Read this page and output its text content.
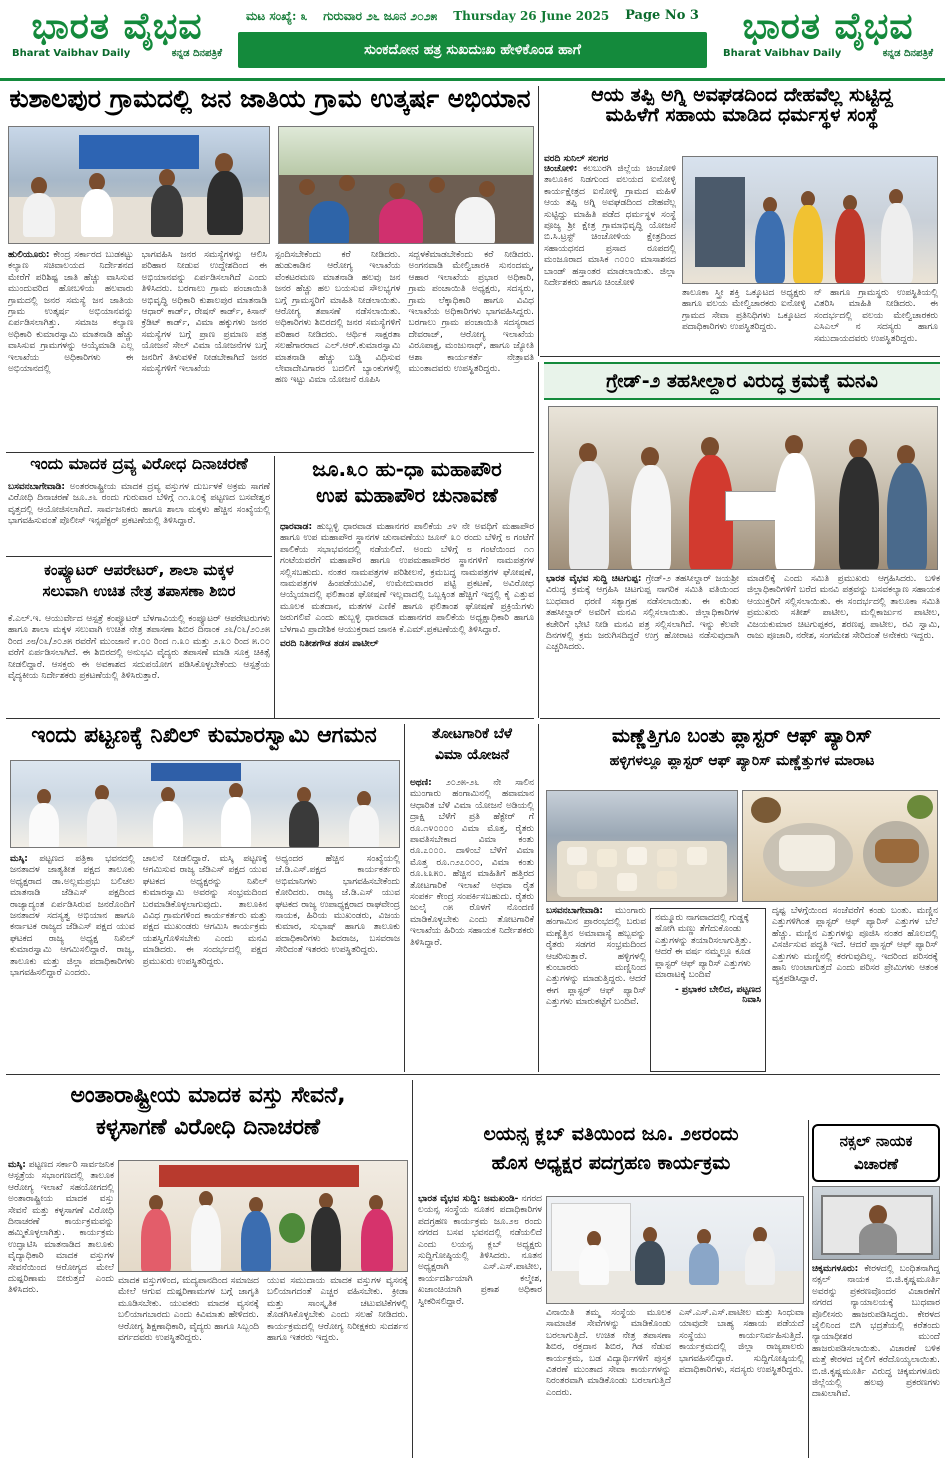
ಭಾರತ ವೈಭವ
Bharat Vaibhav Daily	ಕನ್ನಡ ದಿನಪತ್ರಿಕೆ
ಮಟ ಸಂಖ್ಯೆ: ೩ ಗುರುವಾರ ೨೬ ಜೂನ ೨೦೨೫ Thursday 26 June 2025 Page No 3
ಸುಂಕದೋನ ಹತ್ರ ಸುಖದುಃಖ ಹೇಳಿಕೊಂಡ ಹಾಗೆ
ಭಾರತ ವೈಭವ
Bharat Vaibhav Daily	ಕನ್ನಡ ದಿನಪತ್ರಿಕೆ
ಕುಶಾಲಪುರ ಗ್ರಾಮದಲ್ಲಿ ಜನ ಜಾತಿಯ ಗ್ರಾಮ ಉತ್ಕರ್ಷ ಅಭಿಯಾನ
ಹುಲಿಯೂರು: ಕೇಂದ್ರ ಸರ್ಕಾರದ ಬುಡಕಟ್ಟು ಕಲ್ಯಾಣ ಸಚಿವಾಲಯದ ನಿರ್ದೇಶನದ ಮೇರೆಗೆ ಪರಿಶಿಷ್ಟ ಜಾತಿ ಹೆಚ್ಚು ವಾಸಿಸುವ ಮುಂದುವರಿದ ಹೋಬಳಿಯ ಹಲವಾರು ಗ್ರಾಮದಲ್ಲಿ ಜನರ ಸಮಸ್ಯೆ ಜನ ಜಾತಿಯ ಗ್ರಾಮ ಉತ್ಕರ್ಷ ಅಭಿಯಾನವನ್ನು ಏರ್ಪಡಿಸಲಾಗಿತ್ತು. ಸಮಾಜ ಕಲ್ಯಾಣ ಅಧಿಕಾರಿ ಕುಮಾರಸ್ವಾಮಿ ಮಾತನಾಡಿ ಹೆಚ್ಚು ವಾಸಿಸುವ ಗ್ರಾಮಗಳನ್ನು ಆಯ್ಕೆಮಾಡಿ ಎಲ್ಲ ಇಲಾಖೆಯ ಅಧಿಕಾರಿಗಳು ಈ ಅಭಿಯಾನದಲ್ಲಿ
ಭಾಗವಹಿಸಿ ಜನರ ಸಮಸ್ಯೆಗಳನ್ನು ಆಲಿಸಿ ಪರಿಹಾರ ನೀಡುವ ಉದ್ದೇಶದಿಂದ ಈ ಅಭಿಯಾನವನ್ನು ಏರ್ಪಡಿಸಲಾಗಿದೆ ಎಂದು ತಿಳಿಸಿದರು. ಬರಗಾಲು ಗ್ರಾಮ ಪಂಚಾಯಿತಿ ಅಭಿವೃದ್ಧಿ ಅಧಿಕಾರಿ ಕುಶಾಲಪುರ ಮಾತನಾಡಿ ಆಧಾರ್ ಕಾರ್ಡ್, ರೇಷನ್ ಕಾರ್ಡ್, ಕಿಸಾನ್ ಕ್ರೆಡಿಟ್ ಕಾರ್ಡ್, ವಿಮಾ ಹಕ್ಕುಗಳು ಜನರ ಸಮಸ್ಯೆಗಳ ಬಗ್ಗೆ ಪ್ರಾಣ ಪ್ರಮಾಣ ಪತ್ರ ಯೋಜನೆ ಸೇಲ್ ವಿಮಾ ಯೋಜನೆಗಳ ಬಗ್ಗೆ ಜನರಿಗೆ ತಿಳುವಳಿಕೆ ನೀಡಬೇಕಾಗಿದೆ ಜನರ ಸಮಸ್ಯೆಗಳಿಗೆ ಇಲಾಖೆಯ
ಸ್ಪಂದಿಸಬೇಕೆಂದು ಕರೆ ನೀಡಿದರು. ಹುಡುಕಾಡಿನ ಆರೋಗ್ಯ ಇಲಾಖೆಯ ವೆಂಕಟರಮಣ ಮಾತನಾಡಿ ಹಲವು ಜನ ಜನರ ಹೆಚ್ಚು ಹಲ ಬಯಸುವ ಸೌಲಭ್ಯಗಳ ಬಗ್ಗೆ ಗ್ರಾಮಸ್ಥರಿಗೆ ಮಾಹಿತಿ ನೀಡಲಾಯಿತು. ಆರೋಗ್ಯ ತಪಾಸಣೆ ನಡೆಸಲಾಯಿತು. ಅಧಿಕಾರಿಗಳು ಶಿಬಿರದಲ್ಲಿ ಜನರ ಸಮಸ್ಯೆಗಳಿಗೆ ಪರಿಹಾರ ನೀಡಿದರು. ಆರ್ಥಿಕ ಸಾಕ್ಷರತಾ ಸಲಹೆಗಾರರಾದ ಎಲ್.ಆರ್.ಕುಮಾರಸ್ವಾಮಿ ಮಾತನಾಡಿ ಹೆಚ್ಚು ಬಡ್ಡಿ ವಿಧಿಸುವ ಲೇವಾದೇವಿಗಾರರ ಬದಲಿಗೆ ಬ್ಯಾಂಕುಗಳಲ್ಲಿ ಹಣ ಇಟ್ಟು ವಿಮಾ ಯೋಜನೆ ರೂಪಿಸಿ
ಸದ್ಬಳಕೆಮಾಡಬೇಕೆಂದು ಕರೆ ನೀಡಿದರು. ಅಂಗನವಾಡಿ ಮೇಲ್ವಿಚಾರಕಿ ಸುನಂದಮ್ಮ, ಆಹಾರ ಇಲಾಖೆಯ ಪ್ರಭಾರ ಅಧಿಕಾರಿ, ಗ್ರಾಮ ಪಂಚಾಯಿತಿ ಅಧ್ಯಕ್ಷರು, ಸದಸ್ಯರು, ಗ್ರಾಮ ಲೆಕ್ಕಾಧಿಕಾರಿ ಹಾಗೂ ವಿವಿಧ ಇಲಾಖೆಯ ಅಧಿಕಾರಿಗಳು ಭಾಗವಹಿಸಿದ್ದರು. ಬರಗಾಲು ಗ್ರಾಮ ಪಂಚಾಯಿತಿ ಸದಸ್ಯರಾದ ದೇವರಾಜ್, ಆರೋಗ್ಯ ಇಲಾಖೆಯ ವಿರೂಪಾಕ್ಷ, ಮಂಜುನಾಥ್, ಹಾಗೂ ಜ್ಯೋತಿ ಆಶಾ ಕಾರ್ಯಕರ್ತೆ ನೇತ್ರಾವತಿ ಮುಂತಾದವರು ಉಪಸ್ಥಿತರಿದ್ದರು.
ಆಯ ತಪ್ಪಿ ಅಗ್ನಿ ಅವಘಡದಿಂದ ದೇಹವೆಲ್ಲ ಸುಟ್ಟಿದ್ದ
ಮಹಿಳೆಗೆ ಸಹಾಯ ಮಾಡಿದ ಧರ್ಮಸ್ಥಳ ಸಂಸ್ಥೆ
ವರದಿ ಸುನಿಲ್ ಸಲಗರ
ಚಿಂಚೋಳಿ: ಕಲಬುರಗಿ ಜಿಲ್ಲೆಯ ಚಿಂಚೋಳಿ ತಾಲೂಕಿನ ನಿಡಗುಂದ ವಲಯದ ಐನೋಳ್ಳಿ ಕಾರ್ಯಕ್ಷೇತ್ರದ ಐನೋಳ್ಳಿ ಗ್ರಾಮದ ಮಹಿಳೆ ಆಯ ತಪ್ಪಿ ಅಗ್ನಿ ಅವಘಡದಿಂದ ದೇಹವೆಲ್ಲ ಸುಟ್ಟಿದ್ದು ಮಾಹಿತಿ ಪಡೆದ ಧರ್ಮಸ್ಥಳ ಸಂಸ್ಥೆ ಪೂಜ್ಯ ಶ್ರೀ ಕ್ಷೇತ್ರ ಗ್ರಾಮಾಭಿವೃದ್ಧಿ ಯೋಜನೆ ಬಿ.ಸಿ.ಟ್ರಸ್ಟ್ ಚಿಂಚೋಳಿಯ ಕ್ಷೇತ್ರದಿಂದ ಸಹಾಯಧನದ ಪ್ರಸಾದ ರೂಪದಲ್ಲಿ ಮಂಜೂರಾದ ಮಾಸಿಕ ೧೦೦೦ ಮಾಸಾಶನದ ಬಾಂಡ್ ಹಸ್ತಾಂತರ ಮಾಡಲಾಯಿತು. ಜಿಲ್ಲಾ ನಿರ್ದೇಶಕರು ಹಾಗೂ ಚಿಂಚೋಳಿ
ತಾಲೂಕಾ ಸ್ತ್ರೀ ಶಕ್ತಿ ಒಕ್ಕೂಟದ ಅಧ್ಯಕ್ಷರು ಹಾಗೂ ವಲಯ ಮೇಲ್ವಿಚಾರಕರು ಐನೋಳ್ಳಿ ಗ್ರಾಮದ ಸೇವಾ ಪ್ರತಿನಿಧಿಗಳು ಒಕ್ಕೂಟದ ಪದಾಧಿಕಾರಿಗಳು ಉಪಸ್ಥಿತರಿದ್ದರು.
ನ್ ಹಾಗೂ ಗ್ರಾಮಸ್ಥರು ಉಪಸ್ಥಿತಿಯಲ್ಲಿ ವಿತರಿಸಿ ಮಾಹಿತಿ ನೀಡಿದರು. ಈ ಸಂದರ್ಭದಲ್ಲಿ ವಲಯ ಮೇಲ್ವಿಚಾರಕರು ಎಸಿಎಲ್ ನ ಸದಸ್ಯರು ಹಾಗೂ ಸಮುದಾಯದವರು ಉಪಸ್ಥಿತರಿದ್ದರು.
ಇಂದು ಮಾದಕ ದ್ರವ್ಯ ವಿರೋಧ ದಿನಾಚರಣೆ
ಬಸವನಬಾಗೇವಾಡಿ: ಅಂತರರಾಷ್ಟ್ರೀಯ ಮಾದಕ ದ್ರವ್ಯ ವಸ್ತುಗಳ ದುರ್ಬಳಕೆ ಅಕ್ರಮ ಸಾಗಣೆ ವಿರೋಧಿ ದಿನಾಚರಣೆ ಜೂ.೨೬ ರಂದು ಗುರುವಾರ ಬೆಳಿಗ್ಗೆ ೧೧.೩೦ಕ್ಕೆ ಪಟ್ಟಣದ ಬಸವೇಶ್ವರ ವೃತ್ತದಲ್ಲಿ ಆಯೋಜಿಸಲಾಗಿದೆ. ಸಾರ್ವಜನಿಕರು ಹಾಗೂ ಶಾಲಾ ಮಕ್ಕಳು ಹೆಚ್ಚಿನ ಸಂಖ್ಯೆಯಲ್ಲಿ ಭಾಗವಹಿಸುವಂತೆ ಪೊಲೀಸ್ ಇನ್ಸಪೆಕ್ಟರ್ ಪ್ರಕಟಣೆಯಲ್ಲಿ ತಿಳಿಸಿದ್ದಾರೆ.
ಜೂ.೩೦ ಹು-ಧಾ ಮಹಾಪೌರ
ಉಪ ಮಹಾಪೌರ ಚುನಾವಣೆ
ಧಾರವಾಡ: ಹುಬ್ಬಳ್ಳಿ ಧಾರವಾಡ ಮಹಾನಗರ ಪಾಲಿಕೆಯ ೨೪ ನೇ ಅವಧಿಗೆ ಮಹಾಪೌರ ಹಾಗೂ ಉಪ ಮಹಾಪೌರ ಸ್ಥಾನಗಳ ಚುನಾವಣೆಯು ಜೂನ್ ೩೦ ರಂದು ಬೆಳಿಗ್ಗೆ ೮ ಗಂಟೆಗೆ ಪಾಲಿಕೆಯ ಸಭಾಭವನದಲ್ಲಿ ನಡೆಯಲಿದೆ. ಅಂದು ಬೆಳಿಗ್ಗೆ ೮ ಗಂಟೆಯಿಂದ ೧೧ ಗಂಟೆಯವರೆಗೆ ಮಹಾಪೌರ ಹಾಗೂ ಉಪಮಹಾಪೌರರ ಸ್ಥಾನಗಳಿಗೆ ನಾಮಪತ್ರಗಳ ಸಲ್ಲಿಸಬಹುದು. ನಂತರ ನಾಮಪತ್ರಗಳ ಪರಿಶೀಲನೆ, ಕ್ರಮಬದ್ಧ ನಾಮಪತ್ರಗಳ ಘೋಷಣೆ, ನಾಮಪತ್ರಗಳ ಹಿಂಪಡೆಯುವಿಕೆ, ಉಮೇದುವಾರರ ಪಟ್ಟಿ ಪ್ರಕಟಣೆ, ಅವಿರೋಧ ಆಯ್ಕೆಯಾದಲ್ಲಿ ಫಲಿತಾಂಶ ಘೋಷಣೆ ಇಲ್ಲವಾದಲ್ಲಿ ಒಬ್ಬಕ್ಕಿಂತ ಹೆಚ್ಚಿಗೆ ಇದ್ದಲ್ಲಿ ಕೈ ಎತ್ತುವ ಮೂಲಕ ಮತದಾನ, ಮತಗಳ ಎಣಿಕೆ ಹಾಗೂ ಫಲಿತಾಂಶ ಘೋಷಣೆ ಪ್ರಕ್ರಿಯೆಗಳು ಜರುಗಲಿವೆ ಎಂದು ಹುಬ್ಬಳ್ಳಿ ಧಾರವಾಡ ಮಹಾನಗರ ಪಾಲಿಕೆಯ ಅಧ್ಯಕ್ಷಾಧಿಕಾರಿ ಹಾಗೂ ಬೆಳಗಾವಿ ಪ್ರಾದೇಶಿಕ ಆಯುಕ್ತರಾದ ಜಾನಕಿ ಕೆ.ಎಮ್.ಪ್ರಕಟಣೆಯಲ್ಲಿ ತಿಳಿಸಿದ್ದಾರೆ.
ವರದಿ ನಿತೀಶಗೌಡ ತಡಸ ಪಾಟೀಲ್
ಕಂಪ್ಯೂಟರ್ ಆಪರೇಟರ್, ಶಾಲಾ ಮಕ್ಕಳ
ಸಲುವಾಗಿ ಉಚಿತ ನೇತ್ರ ತಪಾಸಣಾ ಶಿಬಿರ
ಕೆ.ಎಲ್.ಇ. ಆಯುರ್ವೇದ ಆಸ್ಪತ್ರೆ ಕಂಪ್ಯೂಟರ್ ಬೆಳಗಾವಿಯಲ್ಲಿ ಕಂಪ್ಯೂಟರ್ ಆಪರೇಟರುಗಳು ಹಾಗೂ ಶಾಲಾ ಮಕ್ಕಳ ಸಲುವಾಗಿ ಉಚಿತ ನೇತ್ರ ತಪಾಸಣಾ ಶಿಬಿರ ದಿನಾಂಕ ೨೬/೦೬/೨೦೨೫ ರಿಂದ ೨೮/೦೬/೨೦೨೫ ರವರೆಗೆ ಮುಂಜಾನೆ ೯.೦೦ ರಿಂದ ೧.೩೦ ಮತ್ತು ೨.೩೦ ರಿಂದ ೫.೦೦ ವರೆಗೆ ಏರ್ಪಡಿಸಲಾಗಿದೆ. ಈ ಶಿಬಿರದಲ್ಲಿ ಅನುಭವಿ ವೈದ್ಯರು ತಪಾಸಣೆ ಮಾಡಿ ಸೂಕ್ತ ಚಿಕಿತ್ಸೆ ನೀಡಲಿದ್ದಾರೆ. ಆಸಕ್ತರು ಈ ಅವಕಾಶದ ಸದುಪಯೋಗ ಪಡಿಸಿಕೊಳ್ಳಬೇಕೆಂದು ಆಸ್ಪತ್ರೆಯ ವೈದ್ಯಕೀಯ ನಿರ್ದೇಶಕರು ಪ್ರಕಟಣೆಯಲ್ಲಿ ತಿಳಿಸಿರುತ್ತಾರೆ.
ಗ್ರೇಡ್-೨ ತಹಸೀಲ್ದಾರ ವಿರುದ್ಧ ಕ್ರಮಕ್ಕೆ ಮನವಿ
ಭಾರತ ವೈಭವ ಸುದ್ದಿ ಚಿಟಗುಪ್ಪ: ಗ್ರೇಡ್-೨ ತಹಸೀಲ್ದಾರ್ ಜಯಶ್ರೀ ವಿರುದ್ಧ ಕ್ರಮಕ್ಕೆ ಆಗ್ರಹಿಸಿ ಚಿಟಗುಪ್ಪ ನಾಗರಿಕ ಸಮಿತಿ ವತಿಯಿಂದ ಬುಧವಾರ ಧರಣಿ ಸತ್ಯಾಗ್ರಹ ನಡೆಸಲಾಯಿತು. ಈ ಕುರಿತು ತಹಸೀಲ್ದಾರ್ ಅವರಿಗೆ ಮನವಿ ಸಲ್ಲಿಸಲಾಯಿತು. ಜಿಲ್ಲಾಧಿಕಾರಿಗಳ ಕಚೇರಿಗೆ ಭೇಟಿ ನೀಡಿ ಮನವಿ ಪತ್ರ ಸಲ್ಲಿಸಲಾಗಿದೆ. ಇನ್ನು ಕೆಲವೇ ದಿನಗಳಲ್ಲಿ ಕ್ರಮ ಜರುಗಿಸದಿದ್ದರೆ ಉಗ್ರ ಹೋರಾಟ ನಡೆಸುವುದಾಗಿ ಎಚ್ಚರಿಸಿದರು.
ಮಾಡಲಿಕ್ಕೆ ಎಂದು ಸಮಿತಿ ಪ್ರಮುಖರು ಆಗ್ರಹಿಸಿದರು. ಬಳಿಕ ಜಿಲ್ಲಾಧಿಕಾರಿಗಳಿಗೆ ಬರೆದ ಮನವಿ ಪತ್ರವನ್ನು ಬಸವಕಲ್ಯಾಣ ಸಹಾಯಕ ಆಯುಕ್ತರಿಗೆ ಸಲ್ಲಿಸಲಾಯಿತು. ಈ ಸಂದರ್ಭದಲ್ಲಿ ತಾಲೂಕಾ ಸಮಿತಿ ಪ್ರಮುಖರು ಸತೀಶ್ ಪಾಟೀಲ, ಮಲ್ಲಿಕಾರ್ಜುನ ಪಾಟೀಲ, ವಿಜಯಕುಮಾರ ಚಿಟಗುಪ್ಪಕರ, ಶರಣಪ್ಪ ಪಾಟೀಲ, ರವಿ ಸ್ವಾಮಿ, ರಾಜು ಪೂಜಾರಿ, ನರೇಶ, ಸಂಗಮೇಶ ಸೇರಿದಂತೆ ಅನೇಕರು ಇದ್ದರು.
ಇಂದು ಪಟ್ಟಣಕ್ಕೆ ನಿಖಿಲ್ ಕುಮಾರಸ್ವಾಮಿ ಆಗಮನ
ಮಸ್ಕಿ: ಪಟ್ಟಣದ ಪತ್ರಿಕಾ ಭವನದಲ್ಲಿ ಜನತಾದಳ ಜಾತ್ಯತೀತ ಪಕ್ಷದ ತಾಲೂಕು ಅಧ್ಯಕ್ಷರಾದ ಡಾ.ಅಲ್ಲಮಪ್ರಭು ಬಲಿಚಲ ಮಾತನಾಡಿ ಜೆಡಿಎಸ್ ಪಕ್ಷದಿಂದ ರಾಜ್ಯಾದ್ಯಂತ ಏರ್ಪಡಿಸಿರುವ ಜನರೊಂದಿಗೆ ಜನತಾದಳ ಸದಸ್ಯತ್ವ ಅಭಿಯಾನ ಹಾಗೂ ಕರ್ನಾಟಕ ರಾಜ್ಯದ ಜೆಡಿಎಸ್ ಪಕ್ಷದ ಯುವ ಘಟಕದ ರಾಜ್ಯ ಅಧ್ಯಕ್ಷ ನಿಖಿಲ್ ಕುಮಾರಸ್ವಾಮಿ ಆಗಮಿಸಲಿದ್ದಾರೆ. ರಾಜ್ಯ, ತಾಲೂಕು ಮತ್ತು ಜಿಲ್ಲಾ ಪದಾಧಿಕಾರಿಗಳು ಭಾಗವಹಿಸಲಿದ್ದಾರೆ ಎಂದರು.
ಚಾಲನೆ ನೀಡಲಿದ್ದಾರೆ. ಮಸ್ಕಿ ಪಟ್ಟಣಕ್ಕೆ ಆಗಮಿಸುವ ರಾಜ್ಯ ಜೆಡಿಎಸ್ ಪಕ್ಷದ ಯುವ ಘಟಕದ ಅಧ್ಯಕ್ಷರನ್ನು ನಿಖಿಲ್ ಕುಮಾರಸ್ವಾಮಿ ಅವರನ್ನು ಸಂಭ್ರಮದಿಂದ ಬರಮಾಡಿಕೊಳ್ಳಲಾಗುವುದು. ತಾಲೂಕಿನ ವಿವಿಧ ಗ್ರಾಮಗಳಿಂದ ಕಾರ್ಯಕರ್ತರು ಮತ್ತು ಪಕ್ಷದ ಮುಖಂಡರು ಆಗಮಿಸಿ ಕಾರ್ಯಕ್ರಮ ಯಶಸ್ವಿಗೊಳಿಸಬೇಕು ಎಂದು ಮನವಿ ಮಾಡಿದರು. ಈ ಸಂದರ್ಭದಲ್ಲಿ ಪಕ್ಷದ ಪ್ರಮುಖರು ಉಪಸ್ಥಿತರಿದ್ದರು.
ಅಧ್ಯಂದರ ಹೆಚ್ಚಿನ ಸಂಖ್ಯೆಯಲ್ಲಿ ಜೆ.ಡಿ.ಎಸ್.ಪಕ್ಷದ ಕಾರ್ಯಕರ್ತರು ಅಭಿಮಾನಿಗಳು ಭಾಗವಹಿಸಬೇಕೆಂದು ಕೋರಿದರು. ರಾಜ್ಯ ಜೆ.ಡಿ.ಎಸ್ ಯುವ ಘಟಕದ ರಾಜ್ಯ ಉಪಾಧ್ಯಕ್ಷರಾದ ರಾಘವೇಂದ್ರ ನಾಯಕ, ಹಿರಿಯ ಮುಖಂಡರು, ವಿಜಯ ಕುಮಾರ, ಸುಭಾಷ್ ಹಾಗೂ ತಾಲೂಕು ಪದಾಧಿಕಾರಿಗಳು ಶಿವರಾಜ, ಬಸವರಾಜ ಸೇರಿದಂತೆ ಇತರರು ಉಪಸ್ಥಿತರಿದ್ದರು.
ತೋಟಗಾರಿಕೆ ಬೆಳೆ
ವಿಮಾ ಯೋಜನೆ
ಅಥಣಿ: ೨೦೨೫-೨೬ ನೇ ಸಾಲಿನ ಮುಂಗಾರು ಹಂಗಾಮಿನಲ್ಲಿ ಹವಾಮಾನ ಆಧಾರಿತ ಬೆಳೆ ವಿಮಾ ಯೋಜನೆ ಅಡಿಯಲ್ಲಿ ದ್ರಾಕ್ಷಿ ಬೆಳೆಗೆ ಪ್ರತಿ ಹೆಕ್ಟೇರ್ ಗೆ ರೂ.೧೪೦೦೦೦ ವಿಮಾ ಮೊತ್ತ, ರೈತರು ಪಾವತಿಸಬೇಕಾದ ವಿಮಾ ಕಂತು ರೂ.೭೦೦೦. ದಾಳಿಂಬೆ ಬೆಳೆಗೆ ವಿಮಾ ಮೊತ್ತ ರೂ.೧೨೭೦೦೦, ವಿಮಾ ಕಂತು ರೂ.೬೩೫೦. ಹೆಚ್ಚಿನ ಮಾಹಿತಿಗೆ ಹತ್ತಿರದ ತೋಟಗಾರಿಕೆ ಇಲಾಖೆ ಅಥವಾ ರೈತ ಸಂಪರ್ಕ ಕೇಂದ್ರ ಸಂಪರ್ಕಿಸಬಹುದು. ರೈತರು ಜುಲೈ ೧೫ ರೊಳಗೆ ನೊಂದಣಿ ಮಾಡಿಕೊಳ್ಳಬೇಕು ಎಂದು ತೋಟಗಾರಿಕೆ ಇಲಾಖೆಯ ಹಿರಿಯ ಸಹಾಯಕ ನಿರ್ದೇಶಕರು ತಿಳಿಸಿದ್ದಾರೆ.
ಮಣ್ಣೆತ್ತಿಗೂ ಬಂತು ಪ್ಲಾಸ್ಟರ್ ಆಫ್ ಪ್ಯಾರಿಸ್
ಹಳ್ಳಿಗಳಲ್ಲೂ ಪ್ಲಾಸ್ಟರ್ ಆಫ್ ಪ್ಯಾರಿಸ್ ಮಣ್ಣೆತ್ತುಗಳ ಮಾರಾಟ
ಬಸವನಬಾಗೇವಾಡಿ: ಮುಂಗಾರು ಹಂಗಾಮಿನ ಪ್ರಾರಂಭದಲ್ಲಿ ಬರುವ ಮಣ್ಣೆತ್ತಿನ ಅಮಾವಾಸ್ಯೆ ಹಬ್ಬವನ್ನು ರೈತರು ಸಡಗರ ಸಂಭ್ರಮದಿಂದ ಆಚರಿಸುತ್ತಾರೆ. ಹಳ್ಳಿಗಳಲ್ಲಿ ಕುಂಬಾರರು ಮಣ್ಣಿನಿಂದ ಎತ್ತುಗಳನ್ನು ಮಾಡುತ್ತಿದ್ದರು. ಆದರೆ ಈಗ ಪ್ಲಾಸ್ಟರ್ ಆಫ್ ಪ್ಯಾರಿಸ್ ಎತ್ತುಗಳು ಮಾರುಕಟ್ಟೆಗೆ ಬಂದಿವೆ.
ನಮ್ಮೂರು ನಾಗವಾದದಲ್ಲಿ ಗುಡ್ಡಕ್ಕೆ ಹೋಗಿ ಮಣ್ಣು ತೆಗೆದುಕೊಂಡು ಎತ್ತುಗಳನ್ನು ತಯಾರಿಸಲಾಗುತ್ತಿತ್ತು. ಆದರೆ ಈ ವರ್ಷ ನಮ್ಮಲ್ಲೂ ಕೂಡ ಪ್ಲಾಸ್ಟರ್ ಆಫ್ ಪ್ಯಾರಿಸ್ ಎತ್ತುಗಳು ಮಾರಾಟಕ್ಕೆ ಬಂದಿವೆ
- ಪ್ರಭಾಕರ ಬೇಲಿದ, ಪಟ್ಟಣದ ನಿವಾಸಿ
ದೃಷ್ಟ ಬೆಳಗ್ಗೆಯಿಂದ ಸಂಜೆವರೆಗೆ ಕಂಡು ಬಂತು. ಮಣ್ಣಿನ ಎತ್ತುಗಳಿಗಿಂತ ಪ್ಲಾಸ್ಟರ್ ಆಫ್ ಪ್ಯಾರಿಸ್ ಎತ್ತುಗಳ ಬೆಲೆ ಹೆಚ್ಚು. ಮಣ್ಣಿನ ಎತ್ತುಗಳನ್ನು ಪೂಜಿಸಿ ನಂತರ ಹೊಲದಲ್ಲಿ ವಿಸರ್ಜಿಸುವ ಪದ್ಧತಿ ಇದೆ. ಆದರೆ ಪ್ಲಾಸ್ಟರ್ ಆಫ್ ಪ್ಯಾರಿಸ್ ಎತ್ತುಗಳು ಮಣ್ಣಿನಲ್ಲಿ ಕರಗುವುದಿಲ್ಲ. ಇದರಿಂದ ಪರಿಸರಕ್ಕೆ ಹಾನಿ ಉಂಟಾಗುತ್ತದೆ ಎಂದು ಪರಿಸರ ಪ್ರೇಮಿಗಳು ಆತಂಕ ವ್ಯಕ್ತಪಡಿಸಿದ್ದಾರೆ.
ಅಂತಾರಾಷ್ಟ್ರೀಯ ಮಾದಕ ವಸ್ತು ಸೇವನೆ,
ಕಳ್ಳಸಾಗಣೆ ವಿರೋಧಿ ದಿನಾಚರಣೆ
ಮಸ್ಕಿ: ಪಟ್ಟಣದ ಸರ್ಕಾರಿ ಸಾರ್ವಜನಿಕ ಆಸ್ಪತ್ರೆಯ ಸಭಾಂಗಣದಲ್ಲಿ ತಾಲೂಕ ಆರೋಗ್ಯ ಇಲಾಖೆ ಸಹಯೋಗದಲ್ಲಿ ಅಂತಾರಾಷ್ಟ್ರೀಯ ಮಾದಕ ವಸ್ತು ಸೇವನೆ ಮತ್ತು ಕಳ್ಳಸಾಗಣೆ ವಿರೋಧಿ ದಿನಾಚರಣೆ ಕಾರ್ಯಕ್ರಮವನ್ನು ಹಮ್ಮಿಕೊಳ್ಳಲಾಗಿತ್ತು. ಕಾರ್ಯಕ್ರಮ ಉದ್ಘಾಟಿಸಿ ಮಾತನಾಡಿದ ತಾಲೂಕು ವೈದ್ಯಾಧಿಕಾರಿ ಮಾದಕ ವಸ್ತುಗಳ ಸೇವನೆಯಿಂದ ಆರೋಗ್ಯದ ಮೇಲೆ ದುಷ್ಪರಿಣಾಮ ಬೀರುತ್ತದೆ ಎಂದು ತಿಳಿಸಿದರು.
ಮಾದಕ ವಸ್ತುಗಳಿಂದ, ಮದ್ಯಪಾನದಿಂದ ಸಮಾಜದ ಮೇಲೆ ಆಗುವ ದುಷ್ಪರಿಣಾಮಗಳ ಬಗ್ಗೆ ಜಾಗೃತಿ ಮೂಡಿಸಬೇಕು. ಯುವಕರು ಮಾದಕ ವ್ಯಸನಕ್ಕೆ ಬಲಿಯಾಗಬಾರದು ಎಂದು ಕಿವಿಮಾತು ಹೇಳಿದರು. ಆರೋಗ್ಯ ಶಿಕ್ಷಣಾಧಿಕಾರಿ, ವೈದ್ಯರು ಹಾಗೂ ಸಿಬ್ಬಂದಿ ವರ್ಗದವರು ಉಪಸ್ಥಿತರಿದ್ದರು.
ಯುವ ಸಮುದಾಯ ಮಾದಕ ವಸ್ತುಗಳ ವ್ಯಸನಕ್ಕೆ ಬಲಿಯಾಗದಂತೆ ಎಚ್ಚರ ವಹಿಸಬೇಕು. ಕ್ರೀಡಾ ಮತ್ತು ಸಾಂಸ್ಕೃತಿಕ ಚಟುವಟಿಕೆಗಳಲ್ಲಿ ತೊಡಗಿಸಿಕೊಳ್ಳಬೇಕು ಎಂದು ಸಲಹೆ ನೀಡಿದರು. ಕಾರ್ಯಕ್ರಮದಲ್ಲಿ ಆರೋಗ್ಯ ನಿರೀಕ್ಷಕರು ಸುದರ್ಶನ ಹಾಗೂ ಇತರರು ಇದ್ದರು.
ಲಯನ್ಸ ಕ್ಲಬ್ ವತಿಯಿಂದ ಜೂ. ೨೮ರಂದು
ಹೊಸ ಅಧ್ಯಕ್ಷರ ಪದಗ್ರಹಣ ಕಾರ್ಯಕ್ರಮ
ಭಾರತ ವೈಭವ ಸುದ್ದಿ: ಜಮಖಂಡಿ- ನಗರದ ಲಯನ್ಸ ಸಂಸ್ಥೆಯ ನೂತನ ಪದಾಧಿಕಾರಿಗಳ ಪದಗ್ರಹಣ ಕಾರ್ಯಕ್ರಮ ಜೂ.೨೮ ರಂದು ನಗರದ ಬಸವ ಭವನದಲ್ಲಿ ನಡೆಯಲಿದೆ ಎಂದು ಲಯನ್ಸ ಕ್ಲಬ್ ಅಧ್ಯಕ್ಷರು ಸುದ್ದಿಗೋಷ್ಠಿಯಲ್ಲಿ ತಿಳಿಸಿದರು. ನೂತನ ಅಧ್ಯಕ್ಷರಾಗಿ ಎಸ್.ಎಸ್.ಪಾಟೀಲ, ಕಾರ್ಯದರ್ಶಿಯಾಗಿ ಕಲ್ಮೇಶ, ಖಜಾಂಚಿಯಾಗಿ ಪ್ರಕಾಶ ಅಧಿಕಾರ ಸ್ವೀಕರಿಸಲಿದ್ದಾರೆ.
ವಿನಾಯಿತಿ ತಮ್ಮ ಸಂಸ್ಥೆಯ ಮೂಲಕ ಸಾಮಾಜಿಕ ಸೇವೆಗಳನ್ನು ಮಾಡಿಕೊಂಡು ಬರಲಾಗುತ್ತಿದೆ. ಉಚಿತ ನೇತ್ರ ತಪಾಸಣಾ ಶಿಬಿರ, ರಕ್ತದಾನ ಶಿಬಿರ, ಗಿಡ ನೆಡುವ ಕಾರ್ಯಕ್ರಮ, ಬಡ ವಿದ್ಯಾರ್ಥಿಗಳಿಗೆ ಪುಸ್ತಕ ವಿತರಣೆ ಮುಂತಾದ ಸೇವಾ ಕಾರ್ಯಗಳನ್ನು ನಿರಂತರವಾಗಿ ಮಾಡಿಕೊಂಡು ಬರಲಾಗುತ್ತಿದೆ ಎಂದರು.
ಎಸ್.ಎಸ್.ಎಸ್.ಪಾಟೀಲ ಮತ್ತು ಸಿಂಧುವಾ ಯಾವುದೇ ಬಾಹ್ಯ ಸಹಾಯ ಪಡೆಯದೆ ಸಂಸ್ಥೆಯು ಕಾರ್ಯನಿರ್ವಹಿಸುತ್ತಿದೆ. ಕಾರ್ಯಕ್ರಮದಲ್ಲಿ ಜಿಲ್ಲಾ ರಾಜ್ಯಪಾಲರು ಭಾಗವಹಿಸಲಿದ್ದಾರೆ. ಸುದ್ದಿಗೋಷ್ಠಿಯಲ್ಲಿ ಪದಾಧಿಕಾರಿಗಳು, ಸದಸ್ಯರು ಉಪಸ್ಥಿತರಿದ್ದರು.
ನಕ್ಸಲ್ ನಾಯಕ
ವಿಚಾರಣೆ
ಚಿಕ್ಕಮಗಳೂರು: ಕೇರಳದಲ್ಲಿ ಬಂಧಿತನಾಗಿದ್ದ ನಕ್ಸಲ್ ನಾಯಕ ಬಿ.ಜಿ.ಕೃಷ್ಣಮೂರ್ತಿ ಅವರನ್ನು ಪ್ರಕರಣವೊಂದರ ವಿಚಾರಣೆಗೆ ನಗರದ ನ್ಯಾಯಾಲಯಕ್ಕೆ ಬುಧವಾರ ಪೊಲೀಸರು ಹಾಜರುಪಡಿಸಿದ್ದರು. ಕೇರಳದ ಜೈಲಿನಿಂದ ಬಿಗಿ ಭದ್ರತೆಯಲ್ಲಿ ಕರೆತಂದು ನ್ಯಾಯಾಧೀಶರ ಮುಂದೆ ಹಾಜರುಪಡಿಸಲಾಯಿತು. ವಿಚಾರಣೆ ಬಳಿಕ ಮತ್ತೆ ಕೇರಳದ ಜೈಲಿಗೆ ಕರೆದೊಯ್ಯಲಾಯಿತು. ಬಿ.ಜಿ.ಕೃಷ್ಣಮೂರ್ತಿ ವಿರುದ್ಧ ಚಿಕ್ಕಮಗಳೂರು ಜಿಲ್ಲೆಯಲ್ಲಿ ಹಲವು ಪ್ರಕರಣಗಳು ದಾಖಲಾಗಿವೆ.
